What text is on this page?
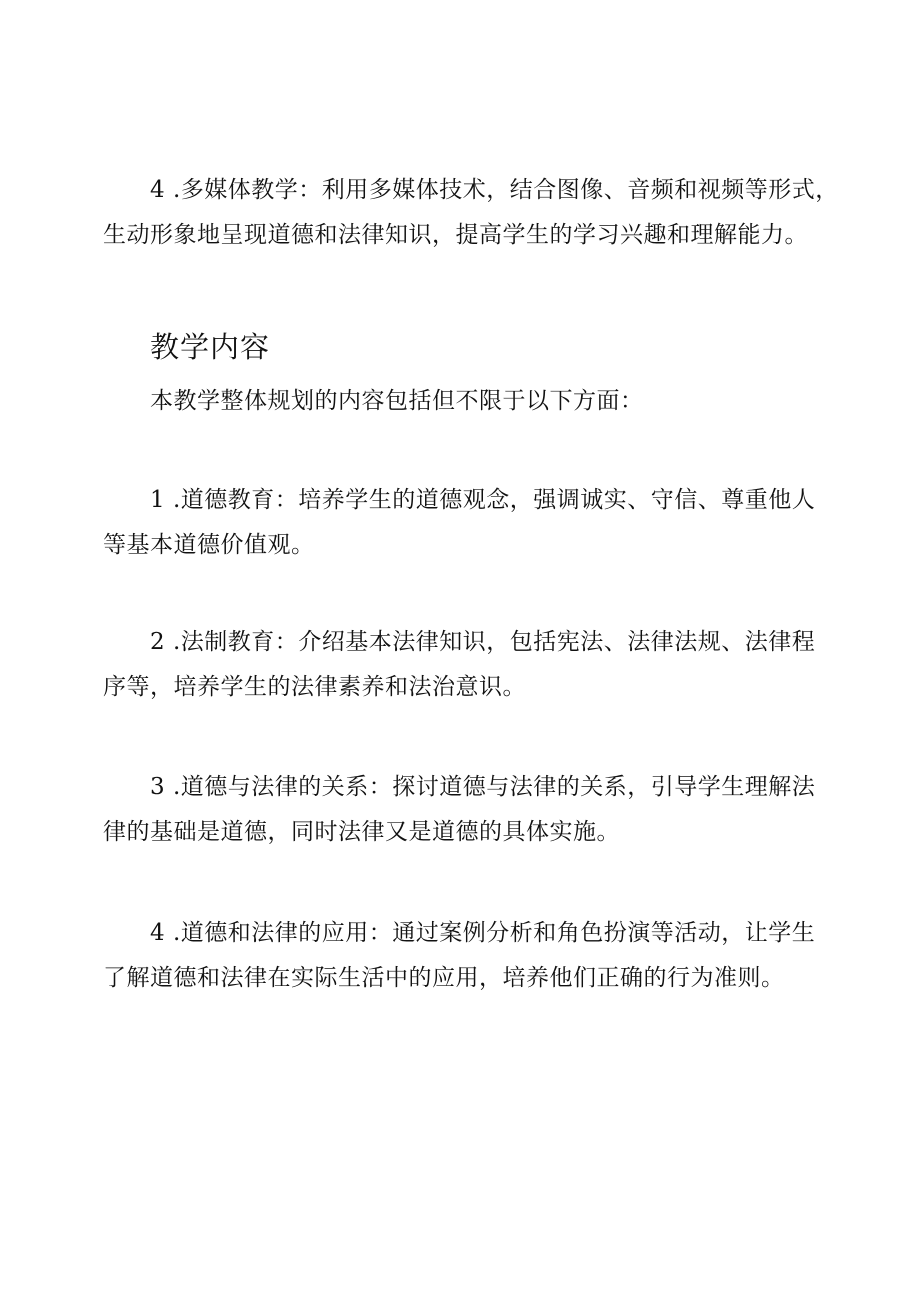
4 .多媒体教学：利用多媒体技术，结合图像、音频和视频等形式，
生动形象地呈现道德和法律知识，提高学生的学习兴趣和理解能力。
教学内容
本教学整体规划的内容包括但不限于以下方面：
1 .道德教育：培养学生的道德观念，强调诚实、守信、尊重他人
等基本道德价值观。
2 .法制教育：介绍基本法律知识，包括宪法、法律法规、法律程
序等，培养学生的法律素养和法治意识。
3 .道德与法律的关系：探讨道德与法律的关系，引导学生理解法
律的基础是道德，同时法律又是道德的具体实施。
4 .道德和法律的应用：通过案例分析和角色扮演等活动，让学生
了解道德和法律在实际生活中的应用，培养他们正确的行为准则。
